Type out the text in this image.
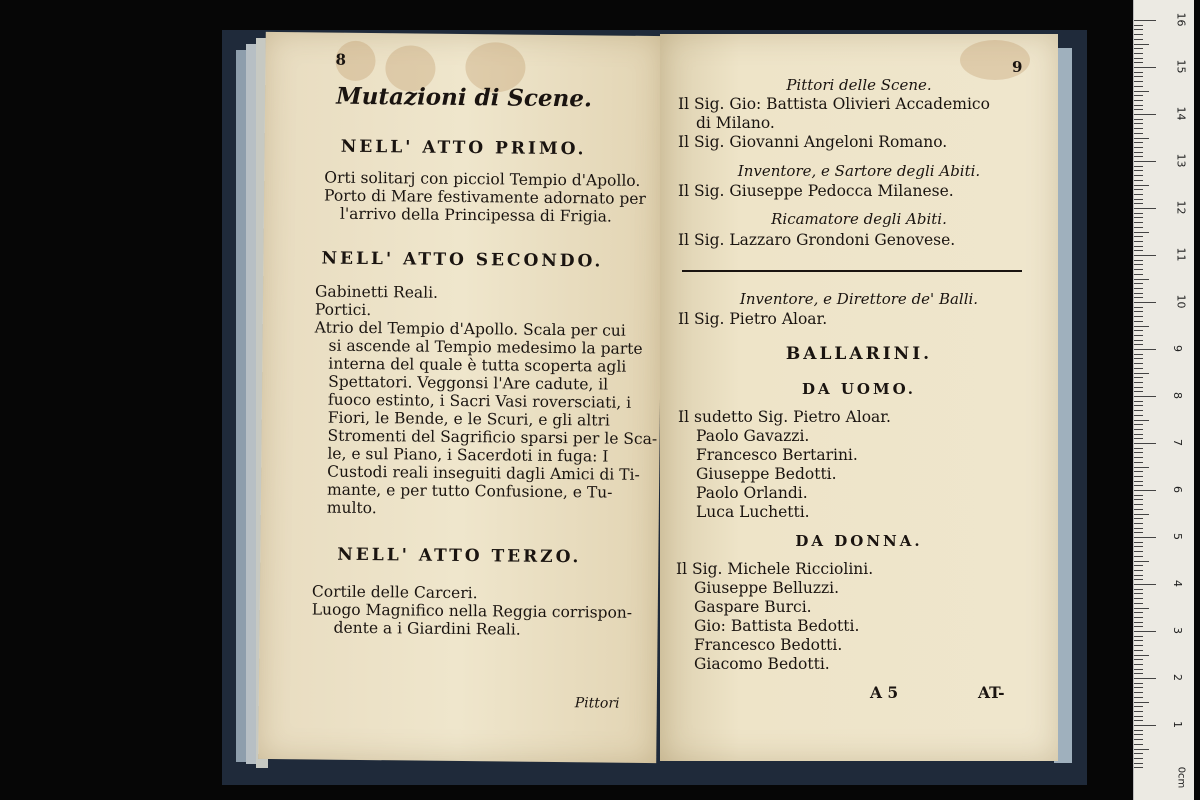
8
Mutazioni di Scene.
NELL' ATTO PRIMO.
Orti solitarj con picciol Tempio d'Apollo.
Porto di Mare festivamente adornato per
l'arrivo della Principessa di Frigia.
NELL' ATTO SECONDO.
Gabinetti Reali.
Portici.
Atrio del Tempio d'Apollo. Scala per cui
si ascende al Tempio medesimo la parte
interna del quale è tutta scoperta agli
Spettatori. Veggonsi l'Are cadute, il
fuoco estinto, i Sacri Vasi roversciati, i
Fiori, le Bende, e le Scuri, e gli altri
Stromenti del Sagrificio sparsi per le Sca-
le, e sul Piano, i Sacerdoti in fuga: I
Custodi reali inseguiti dagli Amici di Ti-
mante, e per tutto Confusione, e Tu-
multo.
NELL' ATTO TERZO.
Cortile delle Carceri.
Luogo Magnifico nella Reggia corrispon-
dente a i Giardini Reali.
Pittori
9
Pittori delle Scene.
Il Sig. Gio: Battista Olivieri Accademico
di Milano.
Il Sig. Giovanni Angeloni Romano.
Inventore, e Sartore degli Abiti.
Il Sig. Giuseppe Pedocca Milanese.
Ricamatore degli Abiti.
Il Sig. Lazzaro Grondoni Genovese.
Inventore, e Direttore de' Balli.
Il Sig. Pietro Aloar.
BALLARINI.
DA UOMO.
Il sudetto Sig. Pietro Aloar.
Paolo Gavazzi.
Francesco Bertarini.
Giuseppe Bedotti.
Paolo Orlandi.
Luca Luchetti.
DA DONNA.
Il Sig. Michele Ricciolini.
Giuseppe Belluzzi.
Gaspare Burci.
Gio: Battista Bedotti.
Francesco Bedotti.
Giacomo Bedotti.
A 5	AT-
16
15
14
13
12
11
10
9
8
7
6
5
4
3
2
1
0cm
